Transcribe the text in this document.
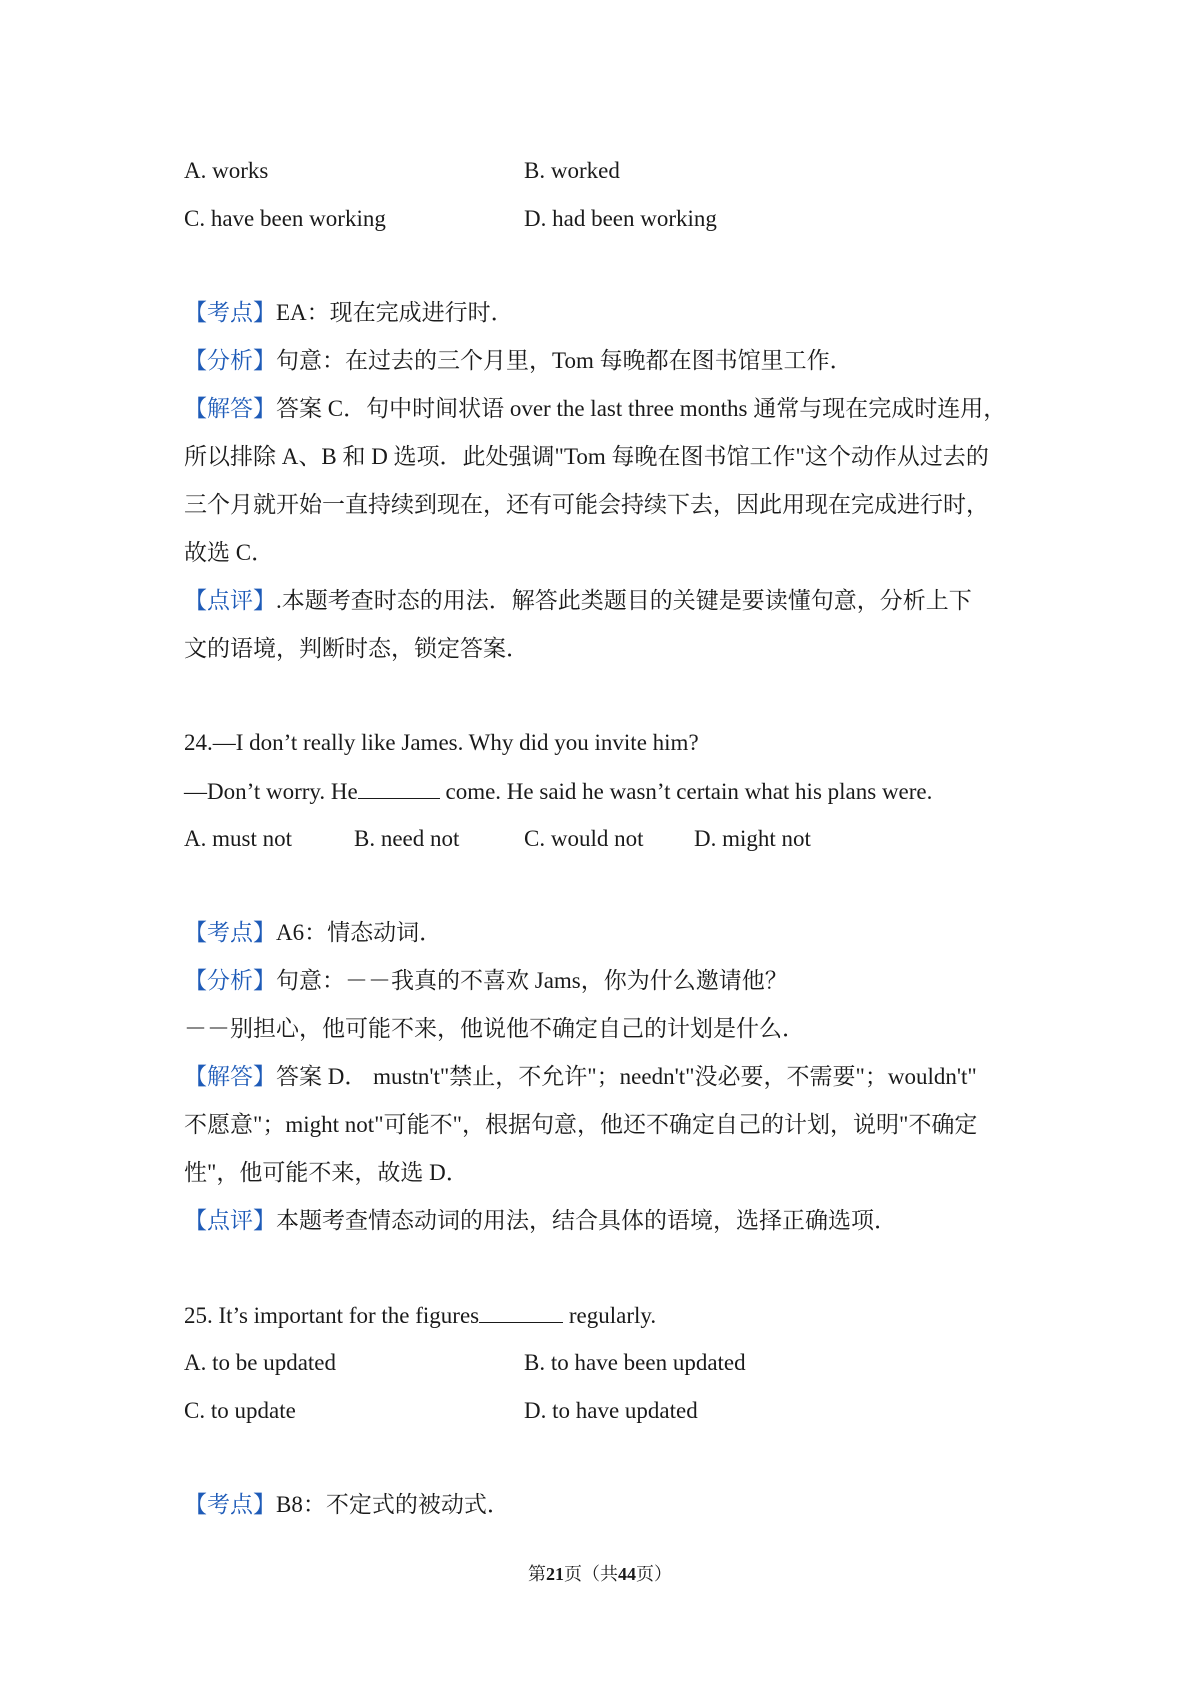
A. works	B. worked
C. have been working	D. had been working
【考点】EA：现在完成进行时．
【分析】句意：在过去的三个月里，Tom 每晚都在图书馆里工作．
【解答】答案 C．句中时间状语 over the last three months 通常与现在完成时连用，
所以排除 A、B 和 D 选项．此处强调"Tom 每晚在图书馆工作"这个动作从过去的
三个月就开始一直持续到现在，还有可能会持续下去，因此用现在完成进行时，
故选 C．
【点评】.本题考查时态的用法．解答此类题目的关键是要读懂句意，分析上下
文的语境，判断时态，锁定答案．
24.—I don’t really like James. Why did you invite him?
—Don’t worry. He	come. He said he wasn’t certain what his plans were.
A. must not	B. need not	C. would not D. might not
【考点】A6：情态动词．
【分析】句意：－－我真的不喜欢 Jams，你为什么邀请他？
－－别担心，他可能不来，他说他不确定自己的计划是什么．
【解答】答案 D． mustn't"禁止，不允许"；needn't"没必要，不需要"；wouldn't"
不愿意"；might not"可能不"，根据句意，他还不确定自己的计划，说明"不确定
性"，他可能不来，故选 D．
【点评】本题考查情态动词的用法，结合具体的语境，选择正确选项．
25. It’s important for the figures	regularly.
A. to be updated	B. to have been updated
C. to update	D. to have updated
【考点】B8：不定式的被动式．
第21页（共44页）
